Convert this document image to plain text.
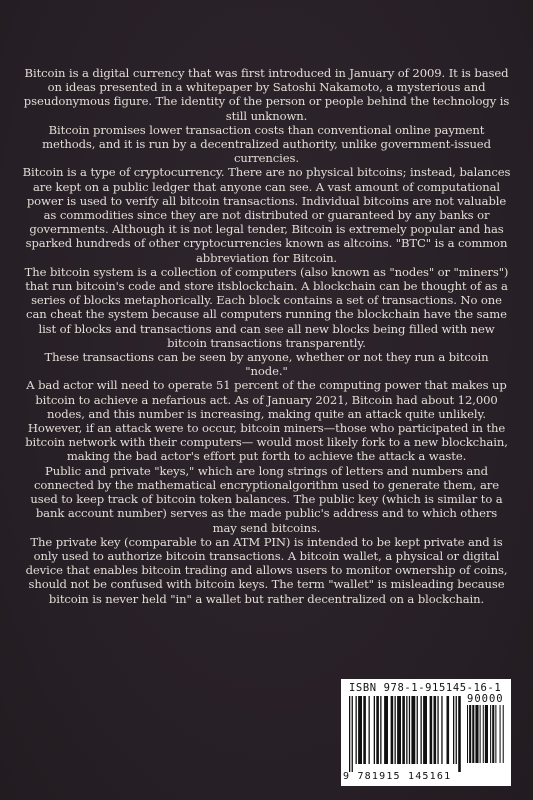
Bitcoin is a digital currency that was first introduced in January of 2009. It is based on ideas presented in a whitepaper by Satoshi Nakamoto, a mysterious and pseudonymous figure. The identity of the person or people behind the technology is still unknown.

Bitcoin promises lower transaction costs than conventional online payment methods, and it is run by a decentralized authority, unlike government-issued currencies.

Bitcoin is a type of cryptocurrency. There are no physical bitcoins; instead, balances are kept on a public ledger that anyone can see. A vast amount of computational power is used to verify all bitcoin transactions. Individual bitcoins are not valuable as commodities since they are not distributed or guaranteed by any banks or governments. Although it is not legal tender, Bitcoin is extremely popular and has sparked hundreds of other cryptocurrencies known as altcoins. "BTC" is a common abbreviation for Bitcoin.

The bitcoin system is a collection of computers (also known as "nodes" or "miners") that run bitcoin's code and store itsblockchain. A blockchain can be thought of as a series of blocks metaphorically. Each block contains a set of transactions. No one can cheat the system because all computers running the blockchain have the same list of blocks and transactions and can see all new blocks being filled with new bitcoin transactions transparently.

These transactions can be seen by anyone, whether or not they run a bitcoin "node."

A bad actor will need to operate 51 percent of the computing power that makes up bitcoin to achieve a nefarious act. As of January 2021, Bitcoin had about 12,000 nodes, and this number is increasing, making quite an attack quite unlikely.

However, if an attack were to occur, bitcoin miners—those who participated in the bitcoin network with their computers— would most likely fork to a new blockchain, making the bad actor's effort put forth to achieve the attack a waste.

Public and private "keys," which are long strings of letters and numbers and connected by the mathematical encryptionalgorithm used to generate them, are used to keep track of bitcoin token balances. The public key (which is similar to a bank account number) serves as the made public's address and to which others may send bitcoins.

The private key (comparable to an ATM PIN) is intended to be kept private and is only used to authorize bitcoin transactions. A bitcoin wallet, a physical or digital device that enables bitcoin trading and allows users to monitor ownership of coins, should not be confused with bitcoin keys. The term "wallet" is misleading because bitcoin is never held "in" a wallet but rather decentralized on a blockchain.

ISBN 978-1-915145-16-1
90000
9 781915 145161
